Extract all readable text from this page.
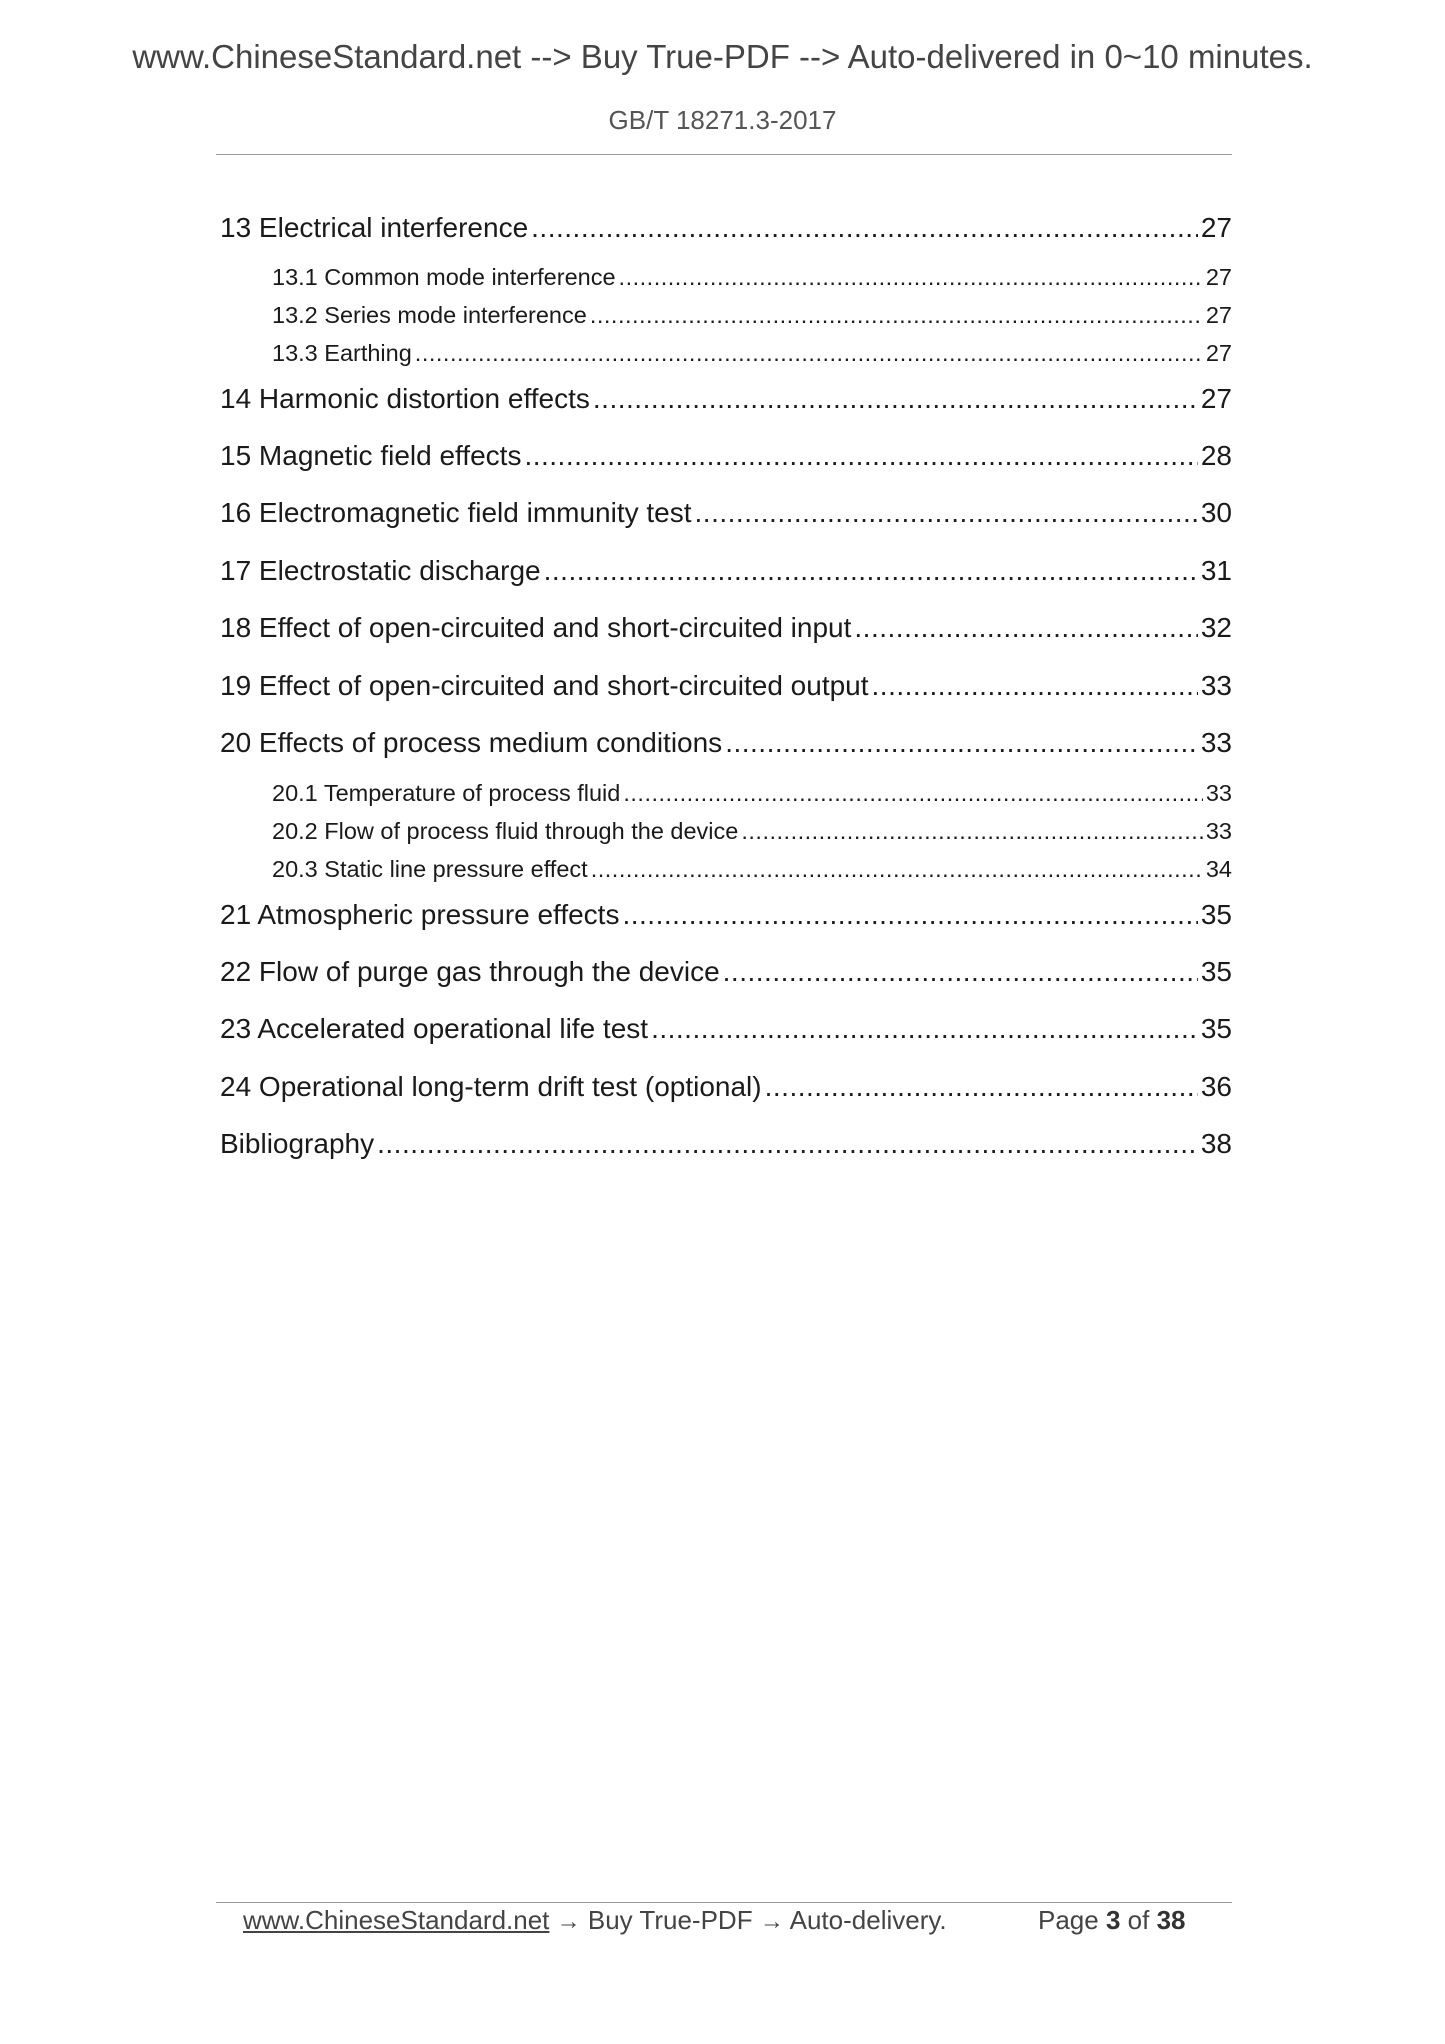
www.ChineseStandard.net --> Buy True-PDF --> Auto-delivered in 0~10 minutes.
GB/T 18271.3-2017
13 Electrical interference .....	27
13.1 Common mode interference .....	27
13.2 Series mode interference .....	27
13.3 Earthing .....	27
14 Harmonic distortion effects .....	27
15 Magnetic field effects .....	28
16 Electromagnetic field immunity test .....	30
17 Electrostatic discharge .....	31
18 Effect of open-circuited and short-circuited input .....	32
19 Effect of open-circuited and short-circuited output .....	33
20 Effects of process medium conditions .....	33
20.1 Temperature of process fluid .....	33
20.2 Flow of process fluid through the device .....	33
20.3 Static line pressure effect .....	34
21 Atmospheric pressure effects .....	35
22 Flow of purge gas through the device .....	35
23 Accelerated operational life test .....	35
24 Operational long-term drift test (optional) .....	36
Bibliography .....	38
www.ChineseStandard.net → Buy True-PDF → Auto-delivery.	Page 3 of 38
